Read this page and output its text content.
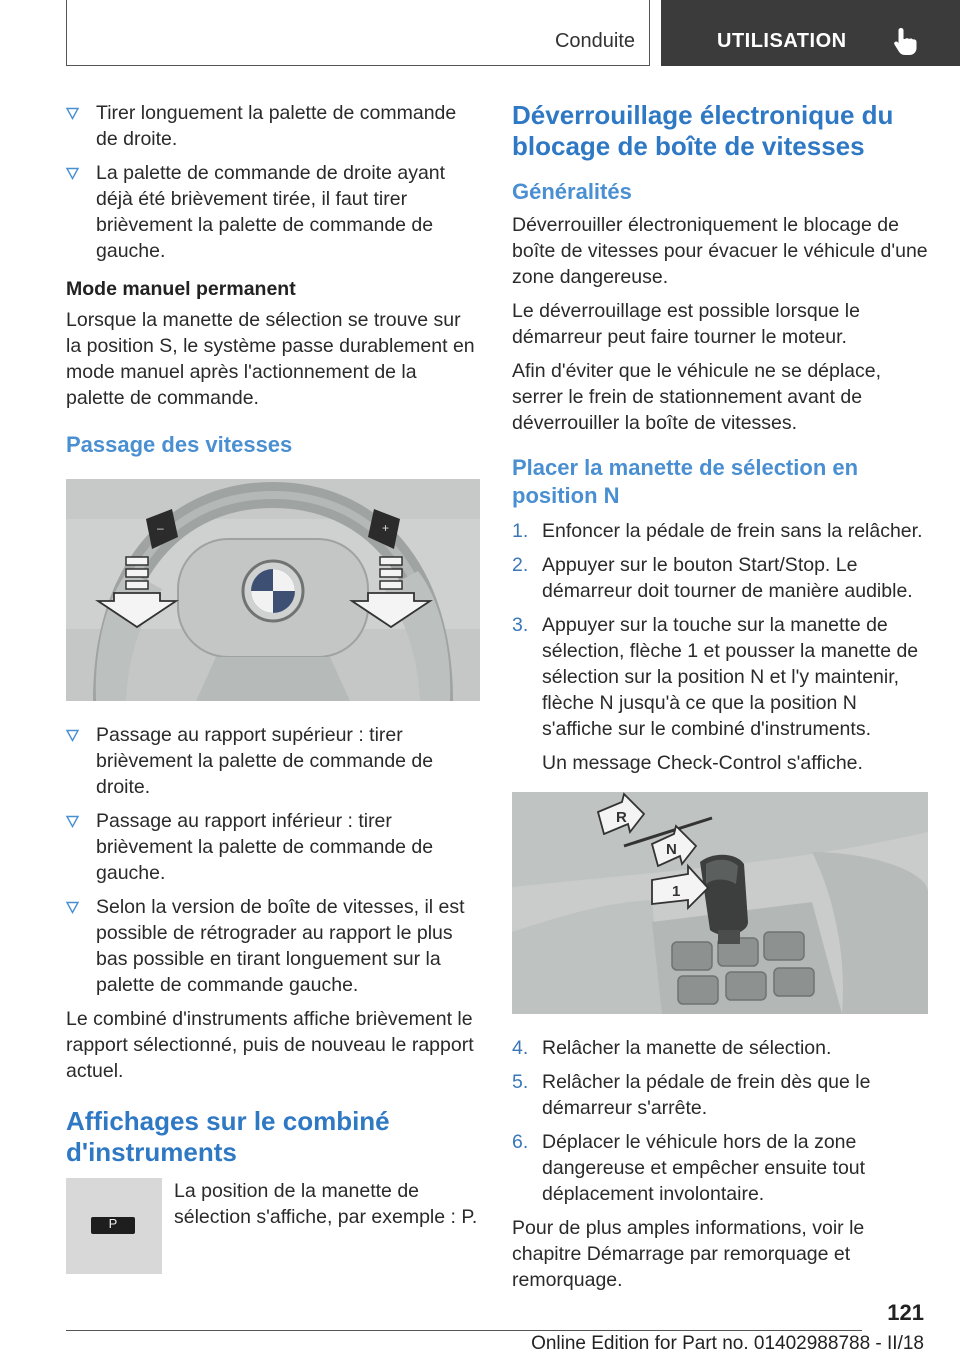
Conduite	UTILISATION
Tirer longuement la palette de commande de droite.
La palette de commande de droite ayant déjà été brièvement tirée, il faut tirer brièvement la palette de commande de gauche.
Mode manuel permanent

Lorsque la manette de sélection se trouve sur la position S, le système passe durablement en mode manuel après l'actionnement de la palette de commande.

Passage des vitesses
–	+
Passage au rapport supérieur : tirer brièvement la palette de commande de droite.
Passage au rapport inférieur : tirer brièvement la palette de commande de gauche.
Selon la version de boîte de vitesses, il est possible de rétrograder au rapport le plus bas possible en tirant longuement sur la palette de commande gauche.

Le combiné d'instruments affiche brièvement le rapport sélectionné, puis de nouveau le rapport actuel.

Affichages sur le combiné d'instruments
P

La position de la manette de sélection s'affiche, par exemple : P.

Déverrouillage électronique du blocage de boîte de vitesses
Généralités

Déverrouiller électroniquement le blocage de boîte de vitesses pour évacuer le véhicule d'une zone dangereuse.

Le déverrouillage est possible lorsque le démarreur peut faire tourner le moteur.

Afin d'éviter que le véhicule ne se déplace, serrer le frein de stationnement avant de déverrouiller la boîte de vitesses.

Placer la manette de sélection en position N
1. Enfoncer la pédale de frein sans la relâcher.
2. Appuyer sur le bouton Start/Stop. Le démarreur doit tourner de manière audible.
3. Appuyer sur la touche sur la manette de sélection, flèche 1 et pousser la manette de sélection sur la position N et l'y maintenir, flèche N jusqu'à ce que la position N s'affiche sur le combiné d'instruments.
Un message Check-Control s'affiche.
R
N
1
4. Relâcher la manette de sélection.
5. Relâcher la pédale de frein dès que le démarreur s'arrête.
6. Déplacer le véhicule hors de la zone dangereuse et empêcher ensuite tout déplacement involontaire.

Pour de plus amples informations, voir le chapitre Démarrage par remorquage et remorquage.

121
Online Edition for Part no. 01402988788 - II/18
